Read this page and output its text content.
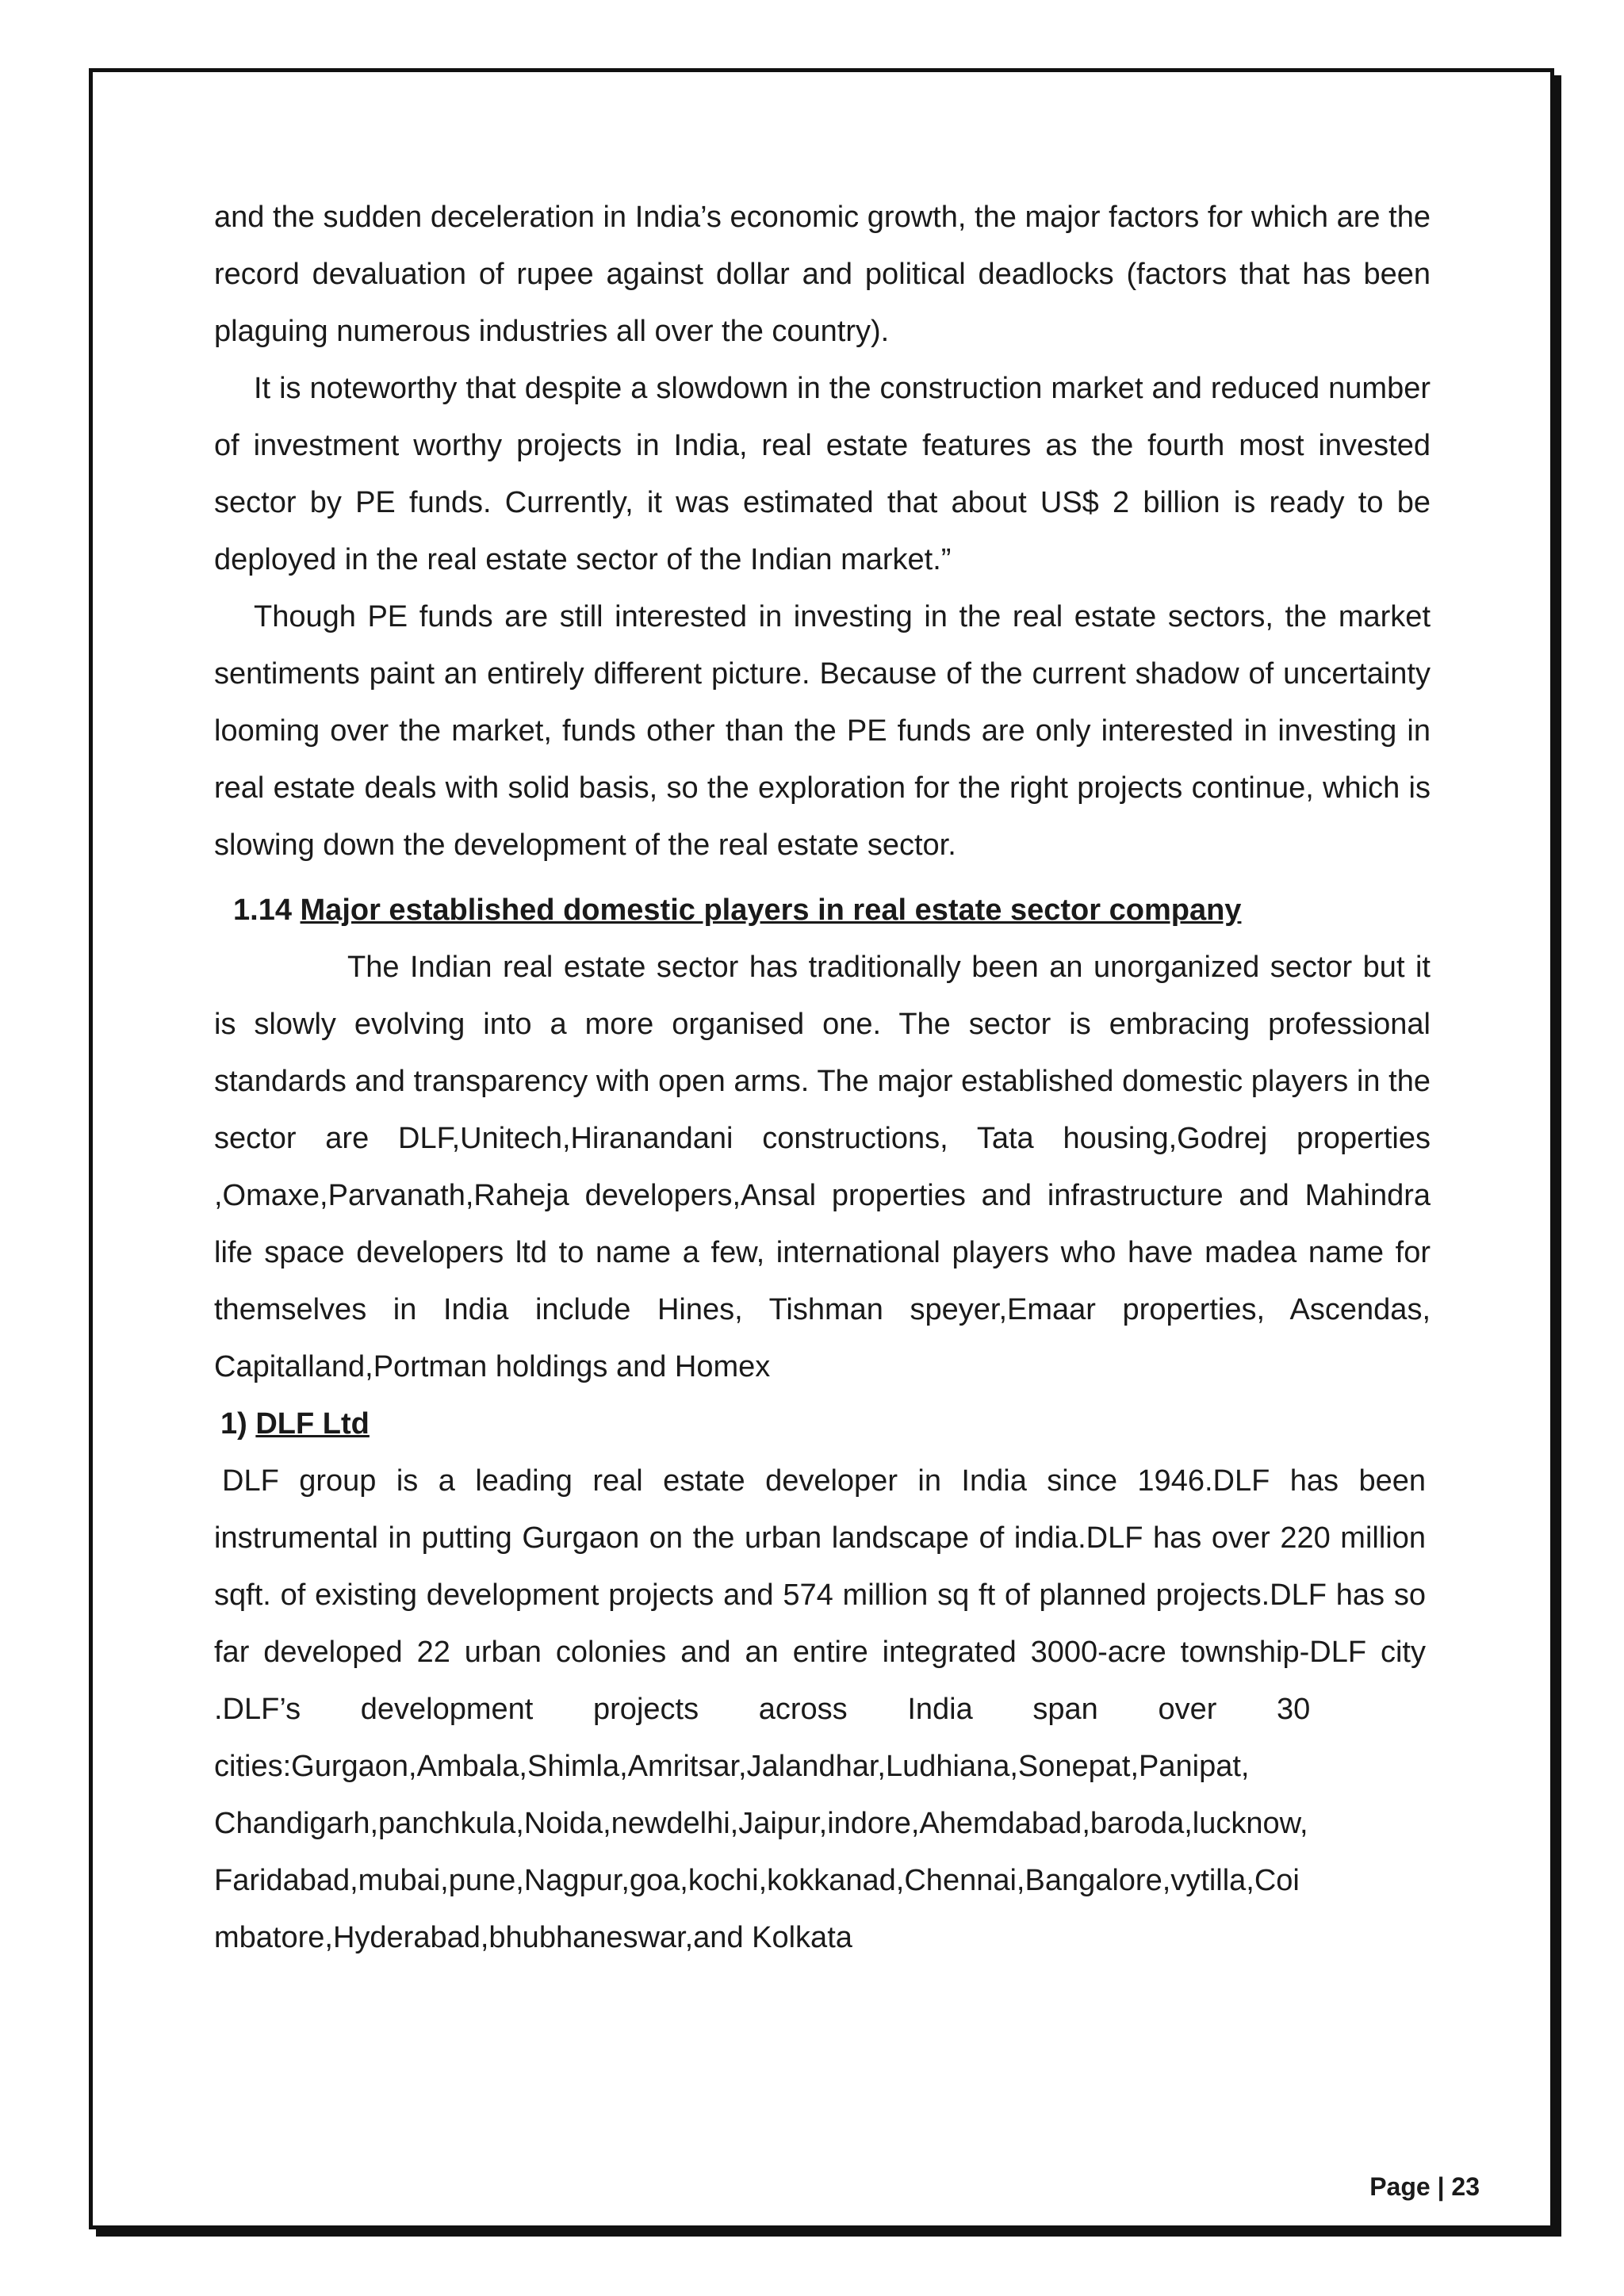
and the sudden deceleration in India’s economic growth, the major factors for which are the record devaluation of rupee against dollar and political deadlocks (factors that has been plaguing numerous industries all over the country).

It is noteworthy that despite a slowdown in the construction market and reduced number of investment worthy projects in India, real estate features as the fourth most invested sector by PE funds. Currently, it was estimated that about US$ 2 billion is ready to be deployed in the real estate sector of the Indian market.”

Though PE funds are still interested in investing in the real estate sectors, the market sentiments paint an entirely different picture. Because of the current shadow of uncertainty looming over the market, funds other than the PE funds are only interested in investing in real estate deals with solid basis, so the exploration for the right projects continue, which is slowing down the development of the real estate sector.

1.14 Major established domestic players in real estate sector company

The Indian real estate sector has traditionally been an unorganized sector but it is slowly evolving into a more organised one. The sector is embracing professional standards and transparency with open arms. The major established domestic players in the sector are DLF,Unitech,Hiranandani constructions, Tata housing,Godrej properties ,Omaxe,Parvanath,Raheja developers,Ansal properties and infrastructure and Mahindra life space developers ltd to name a few, international players who have madea name for themselves in India include Hines, Tishman speyer,Emaar properties, Ascendas, Capitalland,Portman holdings and Homex

1) DLF Ltd
DLF group is a leading real estate developer in India since 1946.DLF has been instrumental in putting Gurgaon on the urban landscape of india.DLF has over 220 million sqft. of existing development projects and 574 million sq ft of planned projects.DLF has so far developed 22 urban colonies and an entire integrated 3000-acre township-DLF city .DLF’s development projects across India span over 30 cities:Gurgaon,Ambala,Shimla,Amritsar,Jalandhar,Ludhiana,Sonepat,Panipat,
Chandigarh,panchkula,Noida,newdelhi,Jaipur,indore,Ahemdabad,baroda,lucknow,
Faridabad,mubai,pune,Nagpur,goa,kochi,kokkanad,Chennai,Bangalore,vytilla,Coi
mbatore,Hyderabad,bhubhaneswar,and Kolkata
Page | 23
